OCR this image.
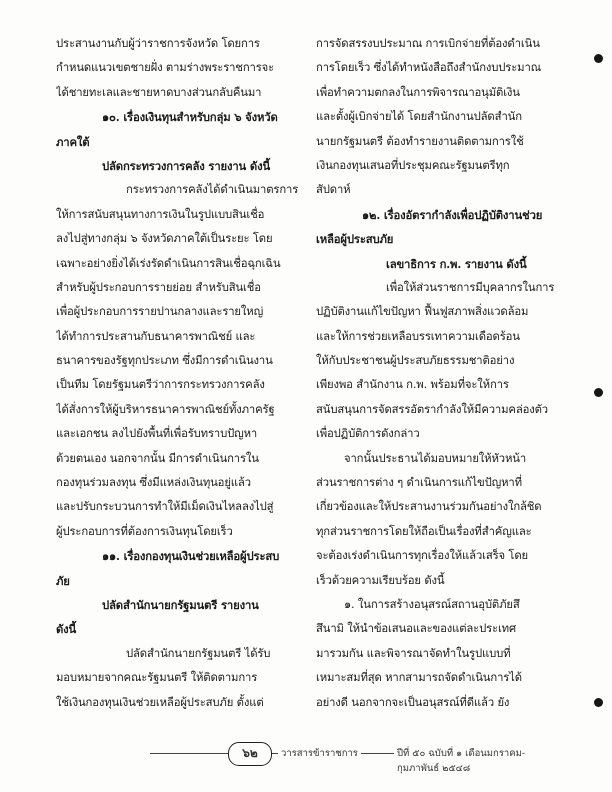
ประสานงานกับผู้ว่าราชการจังหวัด โดยการ
กำหนดแนวเขตชายฝั่ง ตามร่างพระราชการจะ
ได้ชายทะเลและชายหาดบางส่วนกลับคืนมา
๑๐. เรื่องเงินทุนสำหรับกลุ่ม ๖ จังหวัด
ภาคใต้
ปลัดกระทรวงการคลัง รายงาน ดังนี้
กระทรวงการคลังได้ดำเนินมาตรการ
ให้การสนับสนุนทางการเงินในรูปแบบสินเชื่อ
ลงไปสู่ทางกลุ่ม ๖ จังหวัดภาคใต้เป็นระยะ โดย
เฉพาะอย่างยิ่งได้เร่งรัดดำเนินการสินเชื่อฉุกเฉิน
สำหรับผู้ประกอบการรายย่อย สำหรับสินเชื่อ
เพื่อผู้ประกอบการรายปานกลางและรายใหญ่
ได้ทำการประสานกับธนาคารพาณิชย์ และ
ธนาคารของรัฐทุกประเภท ซึ่งมีการดำเนินงาน
เป็นทีม โดยรัฐมนตรีว่าการกระทรวงการคลัง
ได้สั่งการให้ผู้บริหารธนาคารพาณิชย์ทั้งภาครัฐ
และเอกชน ลงไปยังพื้นที่เพื่อรับทราบปัญหา
ด้วยตนเอง นอกจากนั้น มีการดำเนินการใน
กองทุนร่วมลงทุน ซึ่งมีแหล่งเงินทุนอยู่แล้ว
และปรับกระบวนการทำให้มีเม็ดเงินไหลลงไปสู่
ผู้ประกอบการที่ต้องการเงินทุนโดยเร็ว
๑๑. เรื่องกองทุนเงินช่วยเหลือผู้ประสบ
ภัย
ปลัดสำนักนายกรัฐมนตรี รายงาน
ดังนี้
ปลัดสำนักนายกรัฐมนตรี ได้รับ
มอบหมายจากคณะรัฐมนตรี ให้ติดตามการ
ใช้เงินกองทุนเงินช่วยเหลือผู้ประสบภัย ตั้งแต่
การจัดสรรงบประมาณ การเบิกจ่ายที่ต้องดำเนิน
การโดยเร็ว ซึ่งได้ทำหนังสือถึงสำนักงบประมาณ
เพื่อทำความตกลงในการพิจารณาอนุมัติเงิน
และตั้งผู้เบิกจ่ายได้ โดยสำนักงานปลัดสำนัก
นายกรัฐมนตรี ต้องทำรายงานติดตามการใช้
เงินกองทุนเสนอที่ประชุมคณะรัฐมนตรีทุก
สัปดาห์
๑๒. เรื่องอัตรากำลังเพื่อปฏิบัติงานช่วย
เหลือผู้ประสบภัย
เลขาธิการ ก.พ. รายงาน ดังนี้
เพื่อให้ส่วนราชการมีบุคลากรในการ
ปฏิบัติงานแก้ไขปัญหา ฟื้นฟูสภาพสิ่งแวดล้อม
และให้การช่วยเหลือบรรเทาความเดือดร้อน
ให้กับประชาชนผู้ประสบภัยธรรมชาติอย่าง
เพียงพอ สำนักงาน ก.พ. พร้อมที่จะให้การ
สนับสนุนการจัดสรรอัตรากำลังให้มีความคล่องตัว
เพื่อปฏิบัติการดังกล่าว
จากนั้นประธานได้มอบหมายให้หัวหน้า
ส่วนราชการต่าง ๆ ดำเนินการแก้ไขปัญหาที่
เกี่ยวข้องและให้ประสานงานร่วมกันอย่างใกล้ชิด
ทุกส่วนราชการโดยให้ถือเป็นเรื่องที่สำคัญและ
จะต้องเร่งดำเนินการทุกเรื่องให้แล้วเสร็จ โดย
เร็วด้วยความเรียบร้อย ดังนี้
๑. ในการสร้างอนุสรณ์สถานอุบัติภัยสึ
สึนามิ ให้นำข้อเสนอและของแต่ละประเทศ
มารวมกัน และพิจารณาจัดทำในรูปแบบที่
เหมาะสมที่สุด หากสามารถจัดดำเนินการได้
อย่างดี นอกจากจะเป็นอนุสรณ์ที่ดีแล้ว ยัง
๖๒	วารสารข้าราชการ	ปีที่ ๕๐ ฉบับที่ ๑ เดือนมกราคม-กุมภาพันธ์ ๒๕๔๘
